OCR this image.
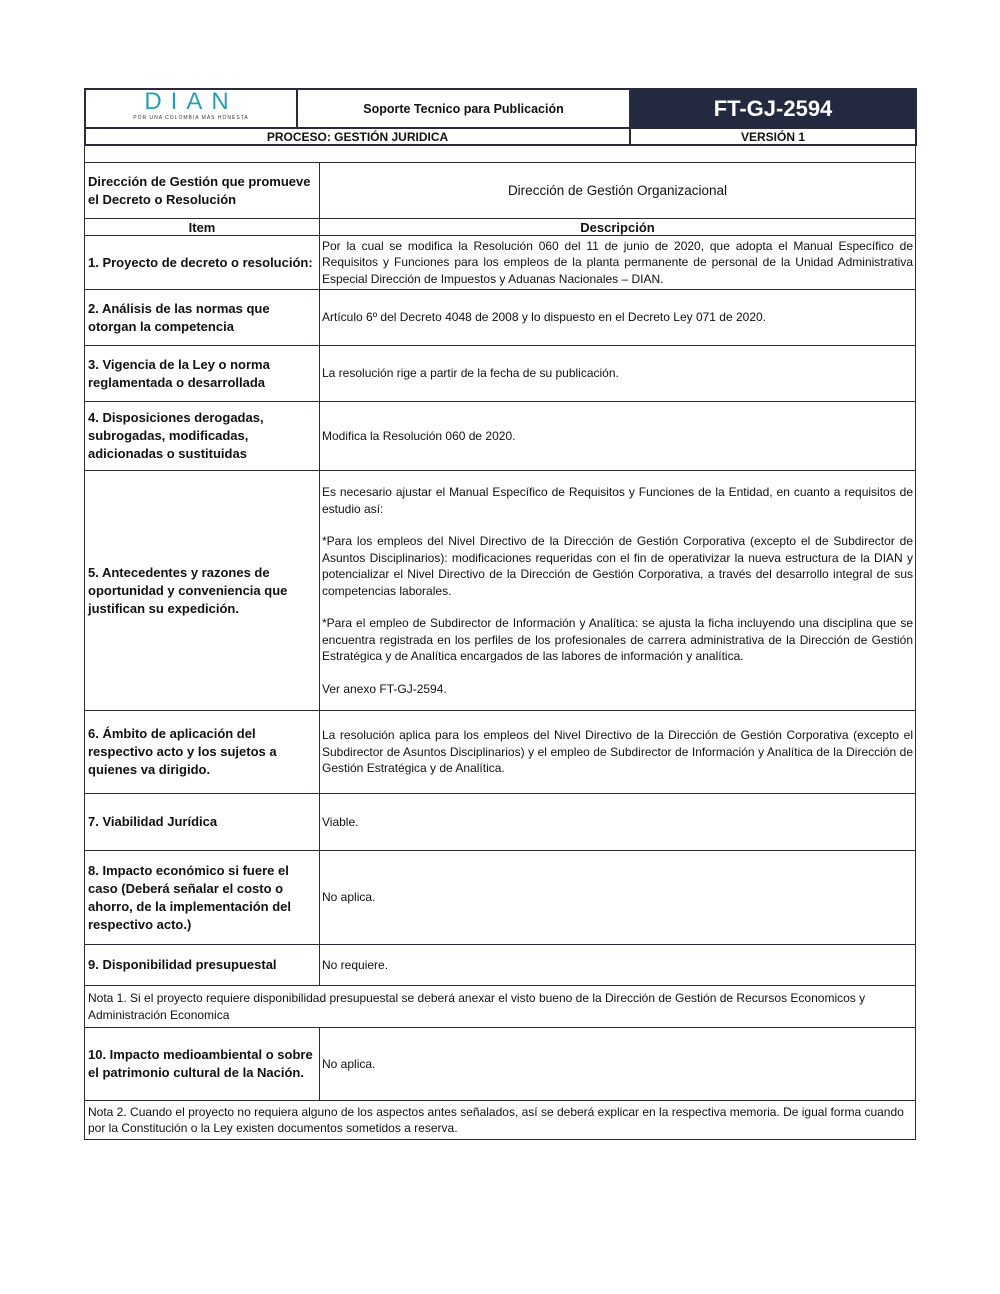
DIAN
POR UNA COLOMBIA MÁS HONESTA	Soporte Tecnico para Publicación	FT-GJ-2594
PROCESO: GESTIÓN JURIDICA		VERSIÓN 1

Dirección de Gestión que promueve el Decreto o Resolución	Dirección de Gestión Organizacional
Item	Descripción
1. Proyecto de decreto o resolución:	Por la cual se modifica la Resolución 060 del 11 de junio de 2020, que adopta el Manual Específico de Requisitos y Funciones para los empleos de la planta permanente de personal de la Unidad Administrativa Especial Dirección de Impuestos y Aduanas Nacionales – DIAN.
2. Análisis de las normas que otorgan la competencia	Artículo 6º del Decreto 4048 de 2008 y lo dispuesto en el Decreto Ley 071 de 2020.
3. Vigencia de la Ley o norma reglamentada o desarrollada	La resolución rige a partir de la fecha de su publicación.
4. Disposiciones derogadas, subrogadas, modificadas, adicionadas o sustituidas	Modifica la Resolución 060 de 2020.
5. Antecedentes y razones de oportunidad y conveniencia que justifican su expedición.	Es necesario ajustar el Manual Específico de Requisitos y Funciones de la Entidad, en cuanto a requisitos de estudio así:

*Para los empleos del Nivel Directivo de la Dirección de Gestión Corporativa (excepto el de Subdirector de Asuntos Disciplinarios): modificaciones requeridas con el fin de operativizar la nueva estructura de la DIAN y potencializar el Nivel Directivo de la Dirección de Gestión Corporativa, a través del desarrollo integral de sus competencias laborales.

*Para el empleo de Subdirector de Información y Analítica: se ajusta la ficha incluyendo una disciplina que se encuentra registrada en los perfiles de los profesionales de carrera administrativa de la Dirección de Gestión Estratégica y de Analítica encargados de las labores de información y analítica.

Ver anexo FT-GJ-2594.

6. Ámbito de aplicación del respectivo acto y los sujetos a quienes va dirigido.	La resolución aplica para los empleos del Nivel Directivo de la Dirección de Gestión Corporativa (excepto el Subdirector de Asuntos Disciplinarios) y el empleo de Subdirector de Información y Analítica de la Dirección de Gestión Estratégica y de Analítica.
7. Viabilidad Jurídica	Viable.
8. Impacto económico si fuere el caso (Deberá señalar el costo o ahorro, de la implementación del respectivo acto.)	No aplica.
9. Disponibilidad presupuestal	No requiere.
Nota 1. Si el proyecto requiere disponibilidad presupuestal se deberá anexar el visto bueno de la Dirección de Gestión de Recursos Economicos y Administración Economica	
10. Impacto medioambiental o sobre el patrimonio cultural de la Nación.	No aplica.
Nota 2. Cuando el proyecto no requiera alguno de los aspectos antes señalados, así se deberá explicar en la respectiva memoria. De igual forma cuando por la Constitución o la Ley existen documentos sometidos a reserva.	
